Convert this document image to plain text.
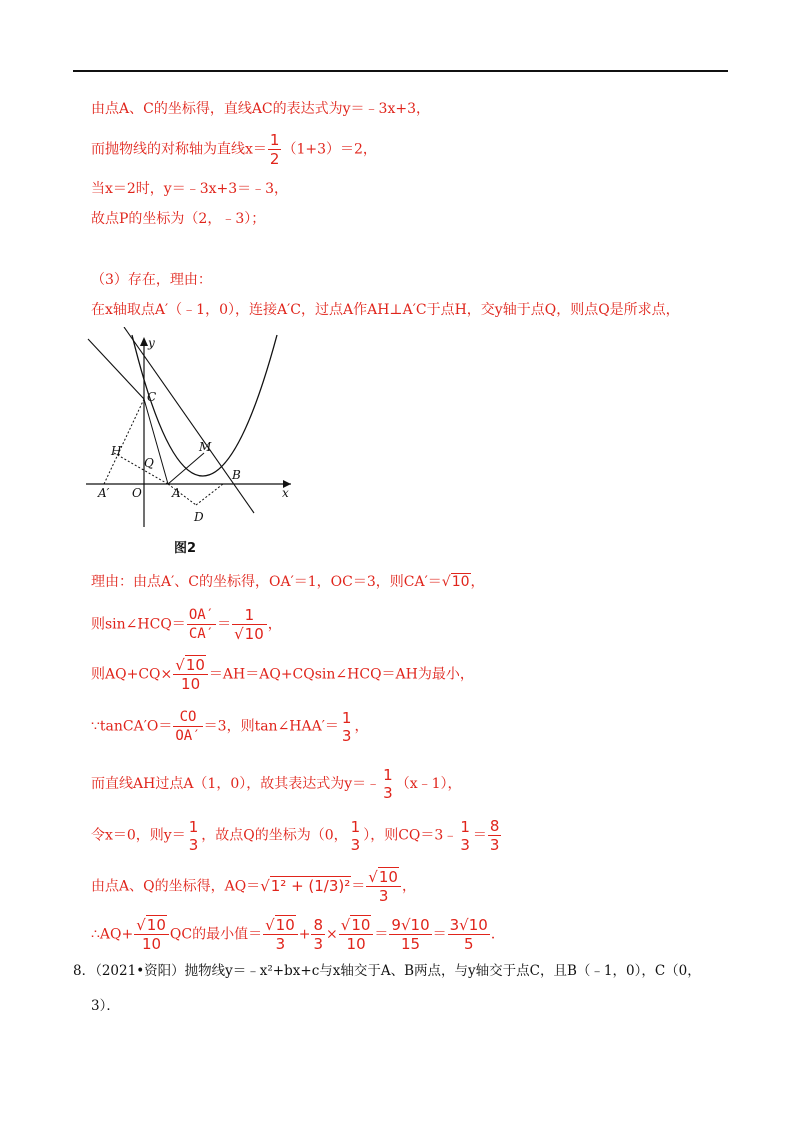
由点A、C的坐标得，直线AC的表达式为y＝﹣3x+3，
而抛物线的对称轴为直线$x= \frac{1}{2} (1+3)=2$，
当x＝2时，y＝﹣3x+3＝﹣3，
故点P的坐标为（2，﹣3）；
（3）存在，理由：
在x轴取点A′（﹣1，0），连接A′C，过点A作AH⊥A′C于点H，交y轴于点Q，则点Q是所求点，
y
x
C
H
Q
M
B
A′ O	A
D
图2
理由：由点A′、C的坐标得，OA′＝1，OC＝3，则CA′＝√10，
则sin∠HCQ＝ $\frac{OA'}{CA'} = \frac{1}{√10}$ ，
则$AQ+CQ\times \frac{√10}{10}$ ＝AH＝AQ+CQsin∠HCQ＝AH为最小，
∵tanCA′O＝ $\frac{CO}{OA'} =3$，则tan∠HAA′＝ 1
3 ，
而直线AH过点A（1，0），故其表达式为y＝﹣ 1
3 （x﹣1），
令x＝0，则y＝ 1
3 ，故点Q的坐标为（0， 1
3 ），则CQ＝3﹣ 1
$3 = \frac{8}{3}$
由点A、Q的坐标得，$AQ=√1^2 + (1/3)^2= \frac{√10}{3}$ ，
∴AQ+ $\frac{√10}{10}$ QC的最小值＝ $\frac{√10}{3} + \frac{8}{3} \times \frac{√10}{10} = \frac{9√10}{15} = \frac{3√10}{5}$ ．
8．（2021•资阳）抛物线y＝﹣x²+bx+c与x轴交于A、B两点，与y轴交于点C，且B（﹣1，0），C（0，
3）．
